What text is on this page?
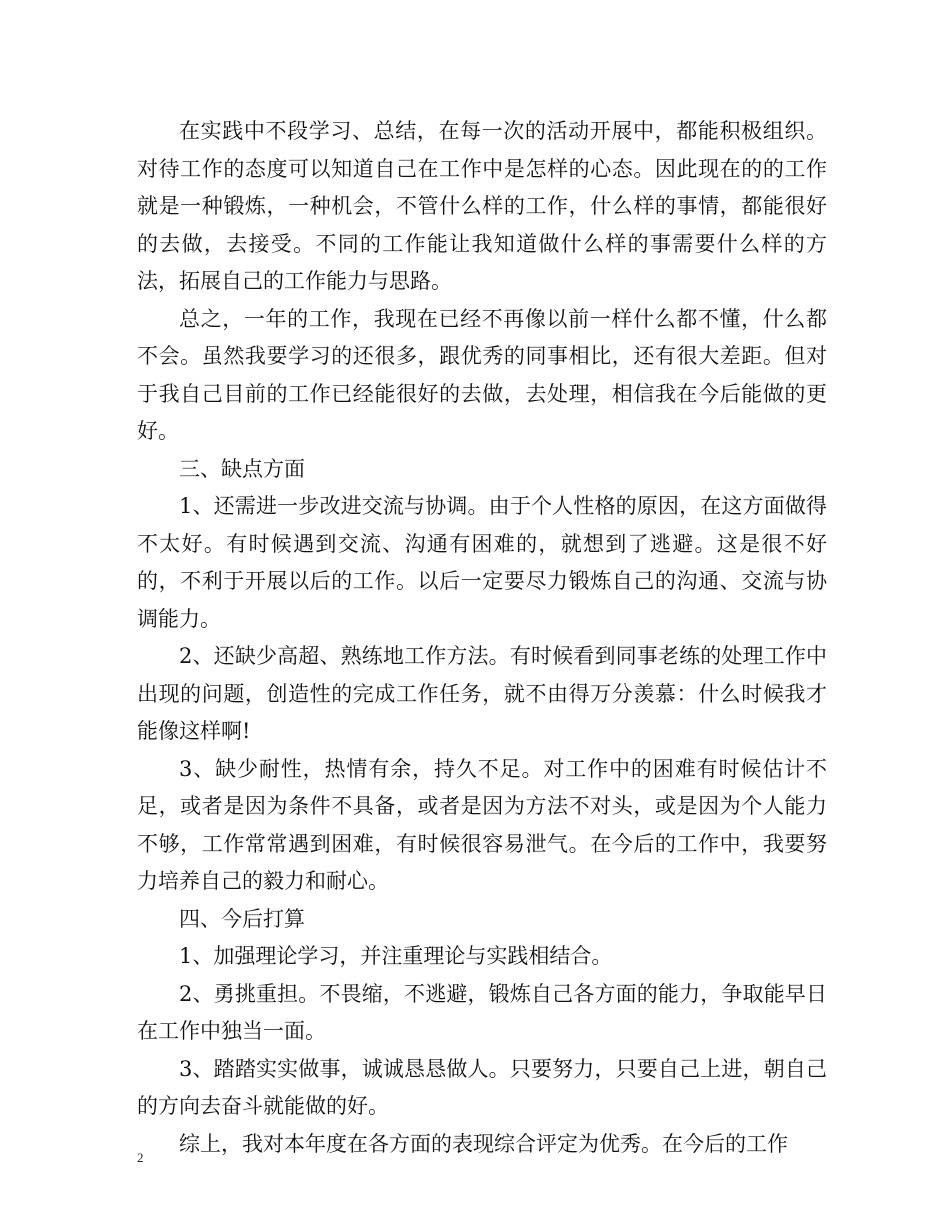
在实践中不段学习、总结，在每一次的活动开展中，都能积极组织。对待工作的态度可以知道自己在工作中是怎样的心态。因此现在的的工作就是一种锻炼，一种机会，不管什么样的工作，什么样的事情，都能很好的去做，去接受。不同的工作能让我知道做什么样的事需要什么样的方法，拓展自己的工作能力与思路。

总之，一年的工作，我现在已经不再像以前一样什么都不懂，什么都不会。虽然我要学习的还很多，跟优秀的同事相比，还有很大差距。但对于我自己目前的工作已经能很好的去做，去处理，相信我在今后能做的更好。

三、缺点方面

1、还需进一步改进交流与协调。由于个人性格的原因，在这方面做得不太好。有时候遇到交流、沟通有困难的，就想到了逃避。这是很不好的，不利于开展以后的工作。以后一定要尽力锻炼自己的沟通、交流与协调能力。

2、还缺少高超、熟练地工作方法。有时候看到同事老练的处理工作中出现的问题，创造性的完成工作任务，就不由得万分羡慕：什么时候我才能像这样啊!

3、缺少耐性，热情有余，持久不足。对工作中的困难有时候估计不足，或者是因为条件不具备，或者是因为方法不对头，或是因为个人能力不够，工作常常遇到困难，有时候很容易泄气。在今后的工作中，我要努力培养自己的毅力和耐心。

四、今后打算

1、加强理论学习，并注重理论与实践相结合。

2、勇挑重担。不畏缩，不逃避，锻炼自己各方面的能力，争取能早日在工作中独当一面。

3、踏踏实实做事，诚诚恳恳做人。只要努力，只要自己上进，朝自己的方向去奋斗就能做的好。

综上，我对本年度在各方面的表现综合评定为优秀。在今后的工作

2
